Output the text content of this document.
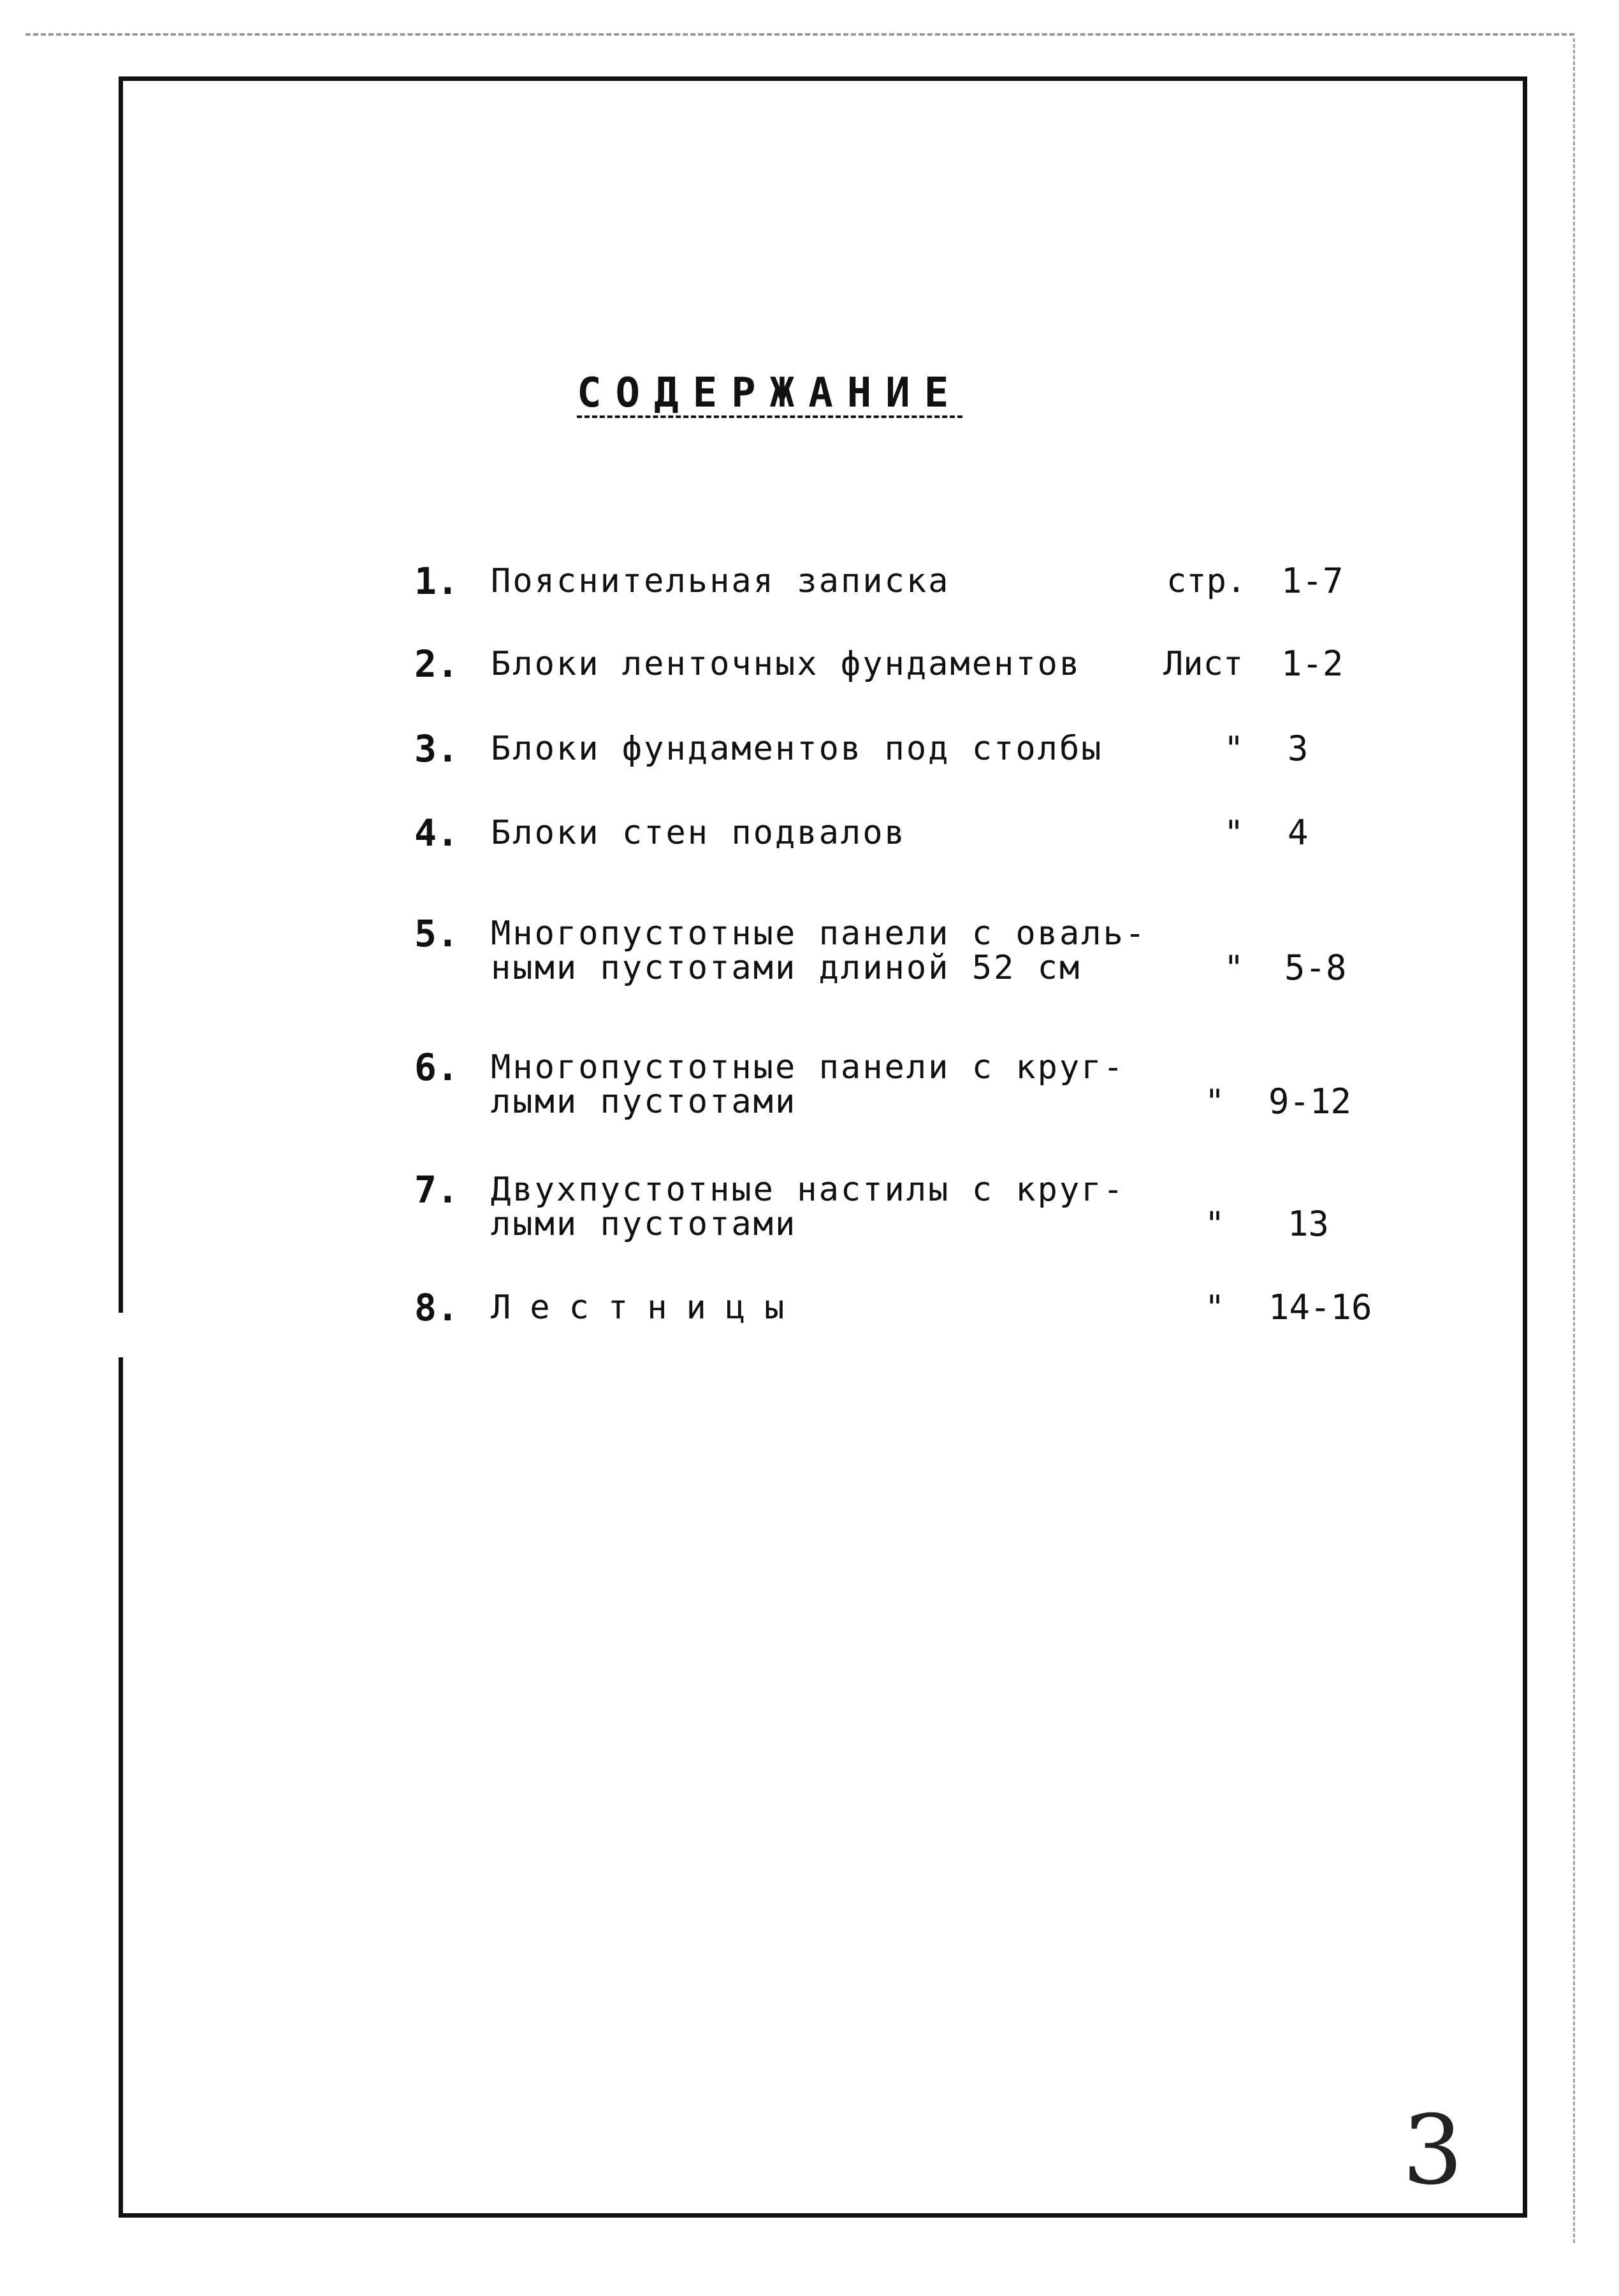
СОДЕРЖАНИЕ
1. Пояснительная записка	стр. 1-7
2. Блоки ленточных фундаментов	Лист 1-2
3. Блоки фундаментов под столбы	" 3
4. Блоки стен подвалов	" 4
5. Многопустотные панели с оваль-
ными пустотами длиной 52 см	" 5-8
6. Многопустотные панели с круг-
лыми пустотами	" 9-12
7. Двухпустотные настилы с круг-
лыми пустотами	" 13
8. Лестницы	" 14-16
3
